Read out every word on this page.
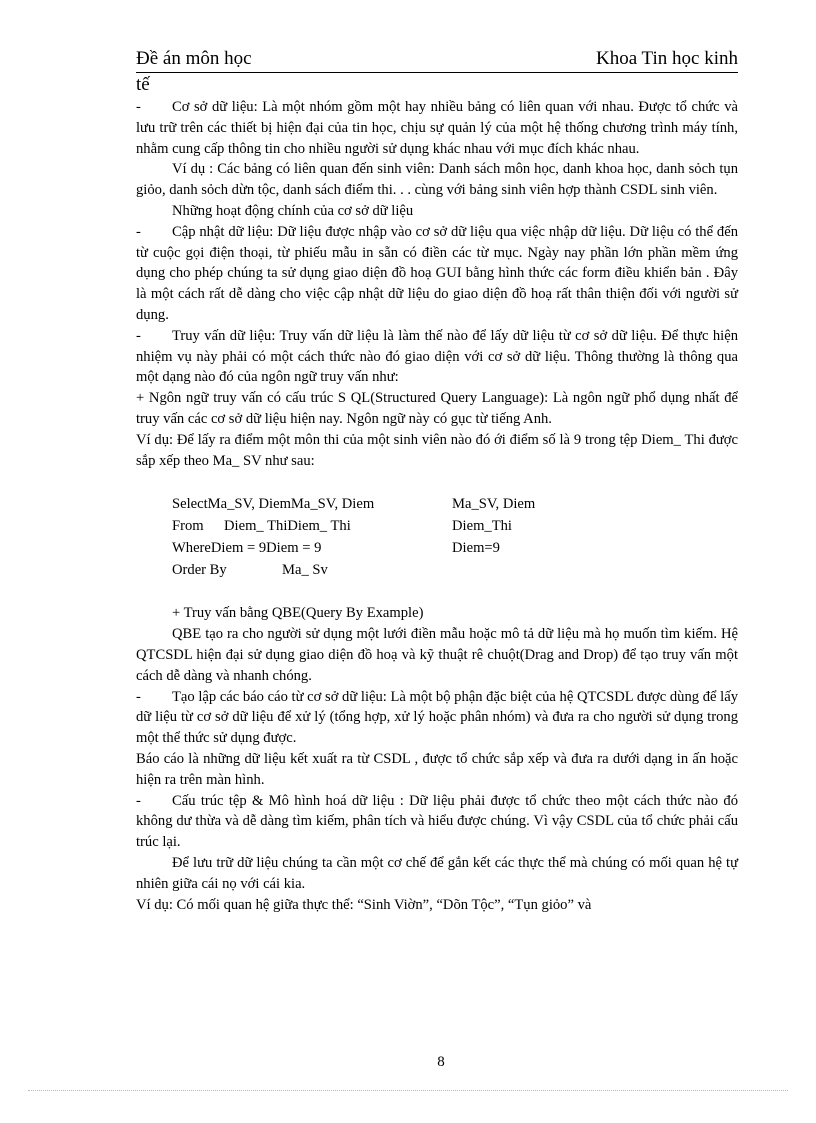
Đề án môn học	Khoa Tin học kinh
tế

- Cơ sở dữ liệu: Là một nhóm gồm một hay nhiều bảng có liên quan với nhau. Được tổ chức và lưu trữ trên các thiết bị hiện đại của tin học, chịu sự quản lý của một hệ thống chương trình máy tính, nhằm cung cấp thông tin cho nhiều người sử dụng khác nhau với mục đích khác nhau.

Ví dụ : Các bảng có liên quan đến sinh viên: Danh sách môn học, danh khoa học, danh sỏch tụn giỏo, danh sỏch dừn tộc, danh sách điểm thi. . . cùng với bảng sinh viên hợp thành CSDL sinh viên.

Những hoạt động chính của cơ sở dữ liệu

- Cập nhật dữ liệu: Dữ liệu được nhập vào cơ sở dữ liệu qua việc nhập dữ liệu. Dữ liệu có thể đến từ cuộc gọi điện thoại, từ phiếu mẫu in sẵn có điền các từ mục. Ngày nay phần lớn phần mềm ứng dụng cho phép chúng ta sử dụng giao diện đồ hoạ GUI bằng hình thức các form điều khiển bản . Đây là một cách rất dễ dàng cho việc cập nhật dữ liệu do giao diện đồ hoạ rất thân thiện đối với người sử dụng.

- Truy vấn dữ liệu: Truy vấn dữ liệu là làm thế nào để lấy dữ liệu từ cơ sở dữ liệu. Để thực hiện nhiệm vụ này phải có một cách thức nào đó giao diện với cơ sở dữ liệu. Thông thường là thông qua một dạng nào đó của ngôn ngữ truy vấn như:

+ Ngôn ngữ truy vấn có cấu trúc S QL(Structured Query Language): Là ngôn ngữ phổ dụng nhất để truy vấn các cơ sở dữ liệu hiện nay. Ngôn ngữ này có gục từ tiếng Anh.

Ví dụ: Để lấy ra điểm một môn thi của một sinh viên nào đó ới điểm số là 9 trong tệp Diem_ Thi được sắp xếp theo Ma_ SV như sau:

SelectMa_SV, DiemMa_SV, Diem	Ma_SV, Diem
From Diem_ ThiDiem_ Thi	Diem_Thi
WhereDiem = 9Diem = 9	Diem=9
Order By	Ma_ Sv

+ Truy vấn bằng QBE(Query By Example)

QBE tạo ra cho người sử dụng một lưới điền mẫu hoặc mô tả dữ liệu mà họ muốn tìm kiếm. Hệ QTCSDL hiện đại sử dụng giao diện đồ hoạ và kỹ thuật rê chuột(Drag and Drop) để tạo truy vấn một cách dễ dàng và nhanh chóng.

- Tạo lập các báo cáo từ cơ sở dữ liệu: Là một bộ phận đặc biệt của hệ QTCSDL được dùng để lấy dữ liệu từ cơ sở dữ liệu để xử lý (tổng hợp, xử lý hoặc phân nhóm) và đưa ra cho người sử dụng trong một thể thức sử dụng được.

Báo cáo là những dữ liệu kết xuất ra từ CSDL , được tổ chức sắp xếp và đưa ra dưới dạng in ấn hoặc hiện ra trên màn hình.

- Cấu trúc tệp & Mô hình hoá dữ liệu : Dữ liệu phải được tổ chức theo một cách thức nào đó không dư thừa và dễ dàng tìm kiếm, phân tích và hiểu được chúng. Vì vậy CSDL của tổ chức phải cấu trúc lại.

Để lưu trữ dữ liệu chúng ta cần một cơ chế để gắn kết các thực thể mà chúng có mối quan hệ tự nhiên giữa cái nọ với cái kia.

Ví dụ: Có mối quan hệ giữa thực thể: “Sinh Viờn”, “Dõn Tộc”, “Tụn giỏo” và

8
